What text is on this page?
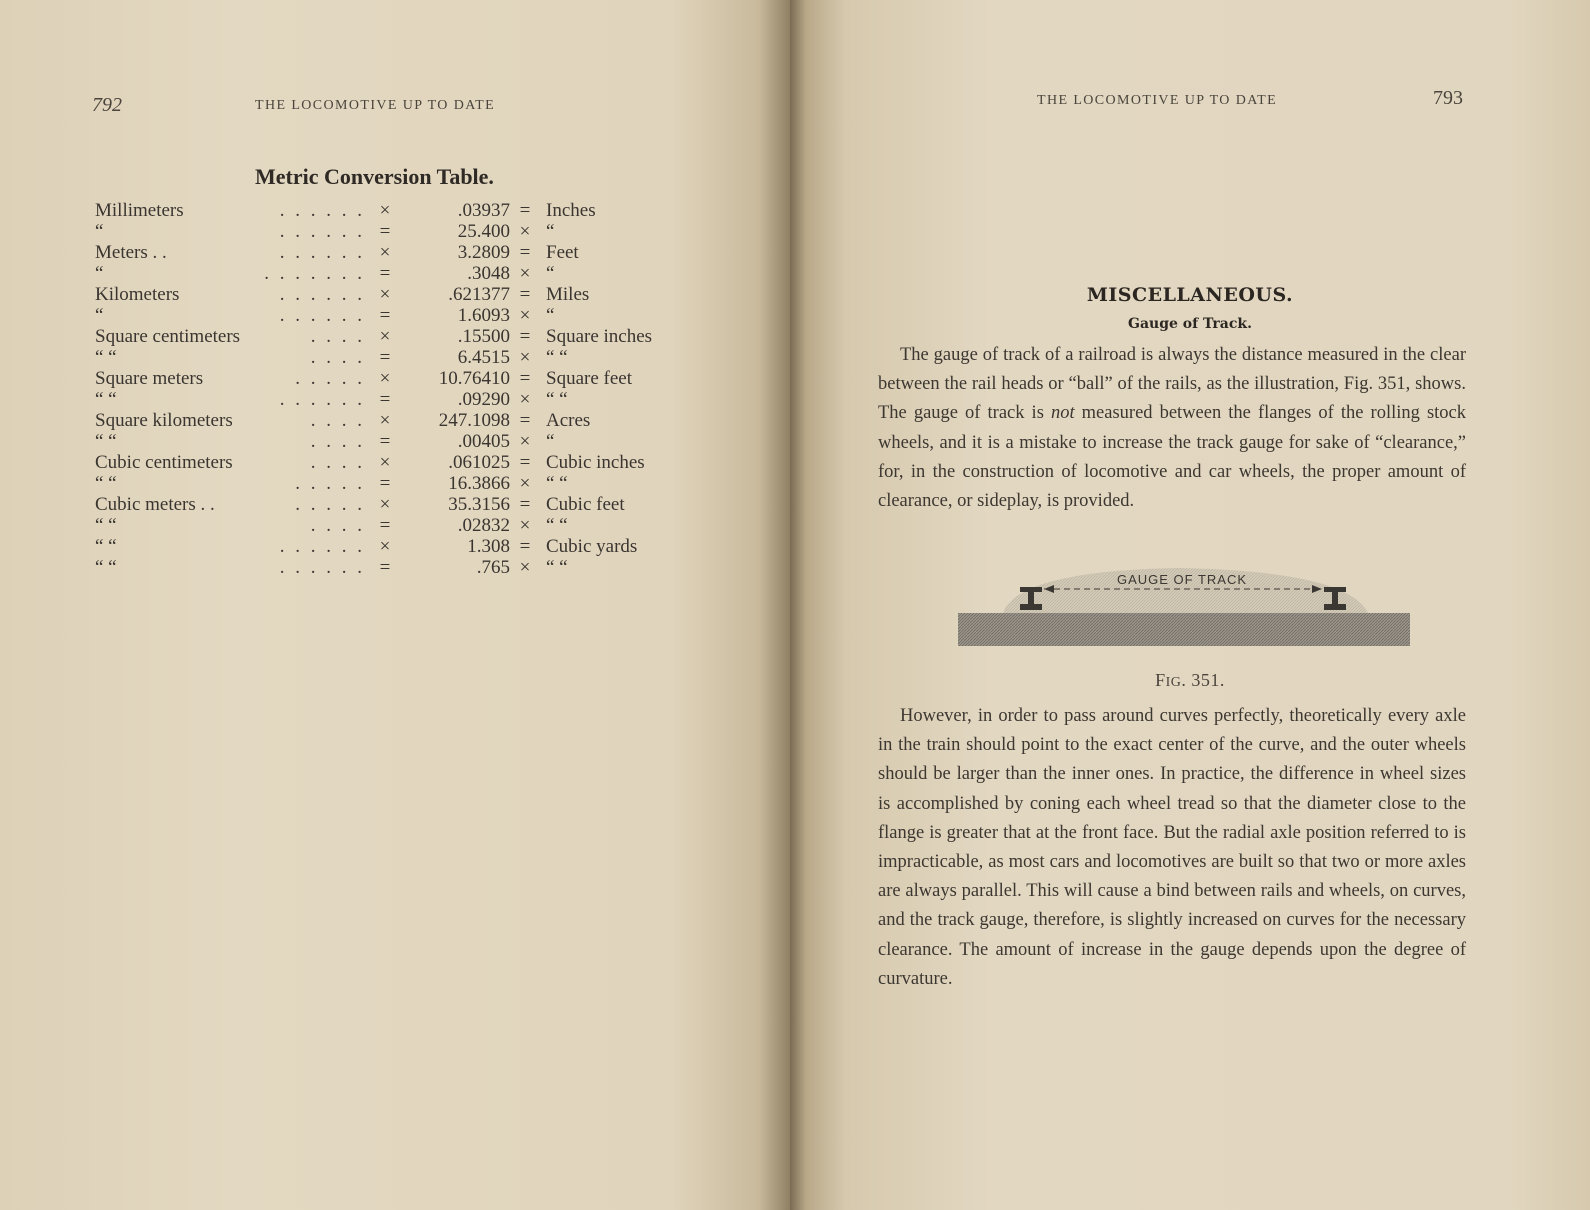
792	THE LOCOMOTIVE UP TO DATE
Metric Conversion Table.
Millimeters	. . . . . . ×	.03937 = Inches
“	. . . . . . =	25.400 × “
Meters . .	. . . . . . ×	3.2809 = Feet
“	. . . . . . . =	.3048 × “
Kilometers	. . . . . . ×	.621377 = Miles
“	. . . . . . =	1.6093 × “
Square centimeters	. . . . ×	.15500 = Square inches
“ “	. . . . =	6.4515 × “ “
Square meters	. . . . . ×	10.76410 = Square feet
“ “	. . . . . . =	.09290 × “ “
Square kilometers	. . . . ×	247.1098 = Acres
“ “	. . . . =	.00405 × “
Cubic centimeters	. . . . ×	.061025 = Cubic inches
“ “	. . . . . =	16.3866 × “ “
Cubic meters . .	. . . . . ×	35.3156 = Cubic feet
“ “	. . . . =	.02832 × “ “
“ “	. . . . . . ×	1.308 = Cubic yards
“ “	. . . . . . =	.765 × “ “
THE LOCOMOTIVE UP TO DATE	793
MISCELLANEOUS.
Gauge of Track.
The gauge of track of a railroad is always the distance measured in the clear between the rail heads or “ball” of the rails, as the illustration, Fig. 351, shows. The gauge of track is not measured between the flanges of the rolling stock wheels, and it is a mistake to increase the track gauge for sake of “clearance,” for, in the construction of locomotive and car wheels, the proper amount of clearance, or sideplay, is provided.
GAUGE OF TRACK
FIG. 351.
However, in order to pass around curves perfectly, theoretically every axle in the train should point to the exact center of the curve, and the outer wheels should be larger than the inner ones. In practice, the difference in wheel sizes is accomplished by coning each wheel tread so that the diameter close to the flange is greater that at the front face. But the radial axle position referred to is impracticable, as most cars and locomotives are built so that two or more axles are always parallel. This will cause a bind between rails and wheels, on curves, and the track gauge, therefore, is slightly increased on curves for the necessary clearance. The amount of increase in the gauge depends upon the degree of curvature.
